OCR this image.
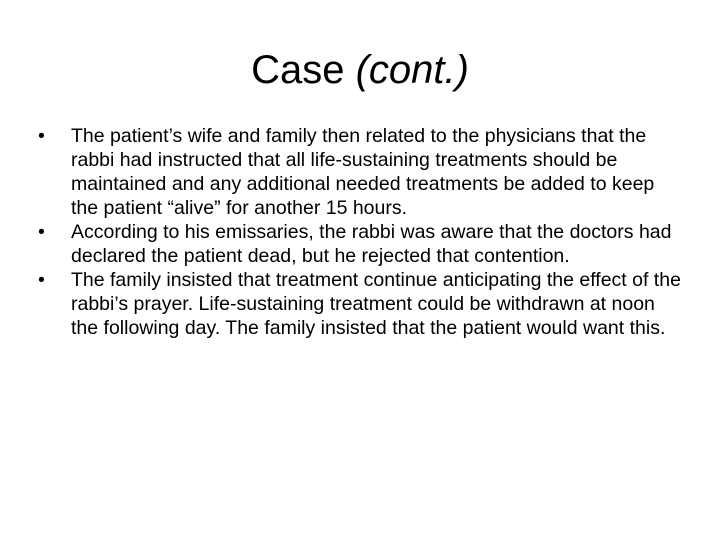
Case (cont.)
• The patient’s wife and family then related to the physicians that the rabbi had instructed that all life-sustaining treatments should be maintained and any additional needed treatments be added to keep the patient “alive” for another 15 hours.
• According to his emissaries, the rabbi was aware that the doctors had declared the patient dead, but he rejected that contention.
• The family insisted that treatment continue anticipating the effect of the rabbi’s prayer. Life-sustaining treatment could be withdrawn at noon the following day. The family insisted that the patient would want this.
